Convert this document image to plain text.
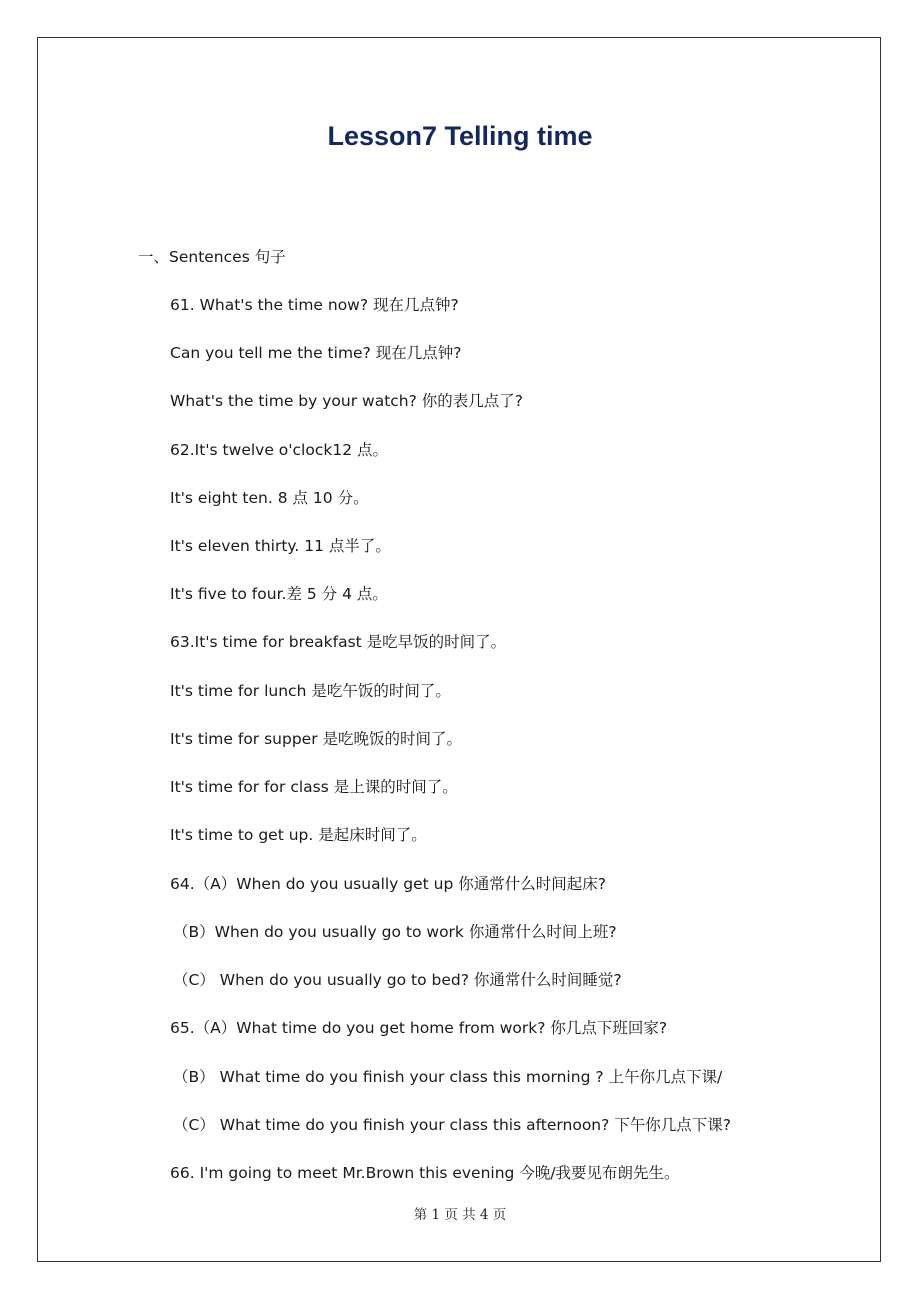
Lesson7 Telling time
一、Sentences 句子
61. What's the time now? 现在几点钟?
Can you tell me the time? 现在几点钟?
What's the time by your watch? 你的表几点了?
62.It's twelve o'clock12 点。
It's eight ten. 8 点 10 分。
It's eleven thirty. 11 点半了。
It's five to four.差 5 分 4 点。
63.It's time for breakfast 是吃早饭的时间了。
It's time for lunch 是吃午饭的时间了。
It's time for supper 是吃晚饭的时间了。
It's time for for class 是上课的时间了。
It's time to get up. 是起床时间了。
64.（A）When do you usually get up 你通常什么时间起床?
（B）When do you usually go to work 你通常什么时间上班?
（C） When do you usually go to bed? 你通常什么时间睡觉?
65.（A）What time do you get home from work? 你几点下班回家?
（B） What time do you finish your class this morning ? 上午你几点下课/
（C） What time do you finish your class this afternoon? 下午你几点下课?
66. I'm going to meet Mr.Brown this evening 今晚/我要见布朗先生。
第 1 页 共 4 页
